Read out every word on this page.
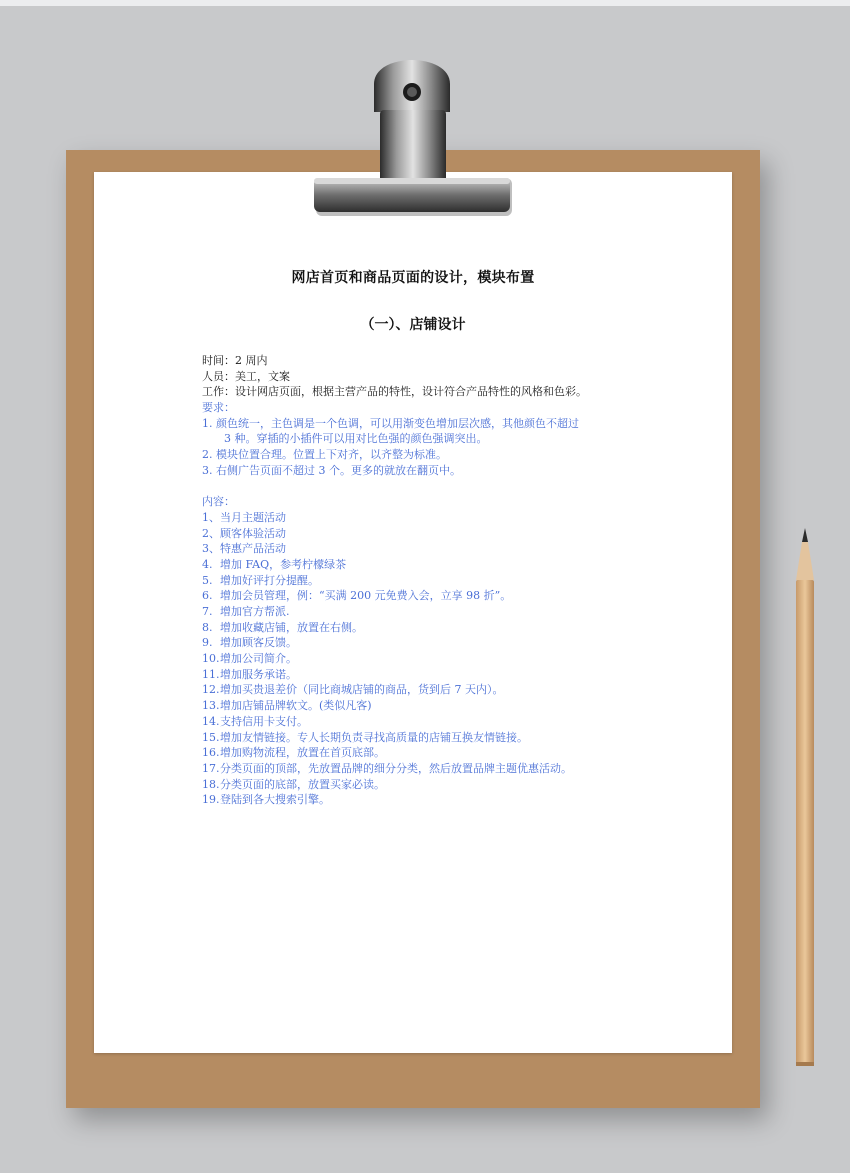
网店首页和商品页面的设计，模块布置
（一）、店铺设计
时间：2 周内
人员：美工，文案
工作：设计网店页面，根据主营产品的特性，设计符合产品特性的风格和色彩。
要求：
1. 颜色统一，主色调是一个色调，可以用渐变色增加层次感，其他颜色不超过
3 种。穿插的小插件可以用对比色强的颜色强调突出。
2. 模块位置合理。位置上下对齐，以齐整为标准。
3. 右侧广告页面不超过 3 个。更多的就放在翻页中。
内容：
1、当月主题活动
2、顾客体验活动
3、特惠产品活动
4. 增加 FAQ，参考柠檬绿茶
5. 增加好评打分提醒。
6. 增加会员管理，例：“买满 200 元免费入会，立享 98 折”。
7. 增加官方帮派.
8. 增加收藏店铺，放置在右侧。
9. 增加顾客反馈。
10.增加公司简介。
11.增加服务承诺。
12.增加买贵退差价（同比商城店铺的商品，货到后 7 天内）。
13.增加店铺品牌软文。(类似凡客)
14.支持信用卡支付。
15.增加友情链接。专人长期负责寻找高质量的店铺互换友情链接。
16.增加购物流程，放置在首页底部。
17.分类页面的顶部，先放置品牌的细分分类，然后放置品牌主题优惠活动。
18.分类页面的底部，放置买家必读。
19.登陆到各大搜索引擎。
